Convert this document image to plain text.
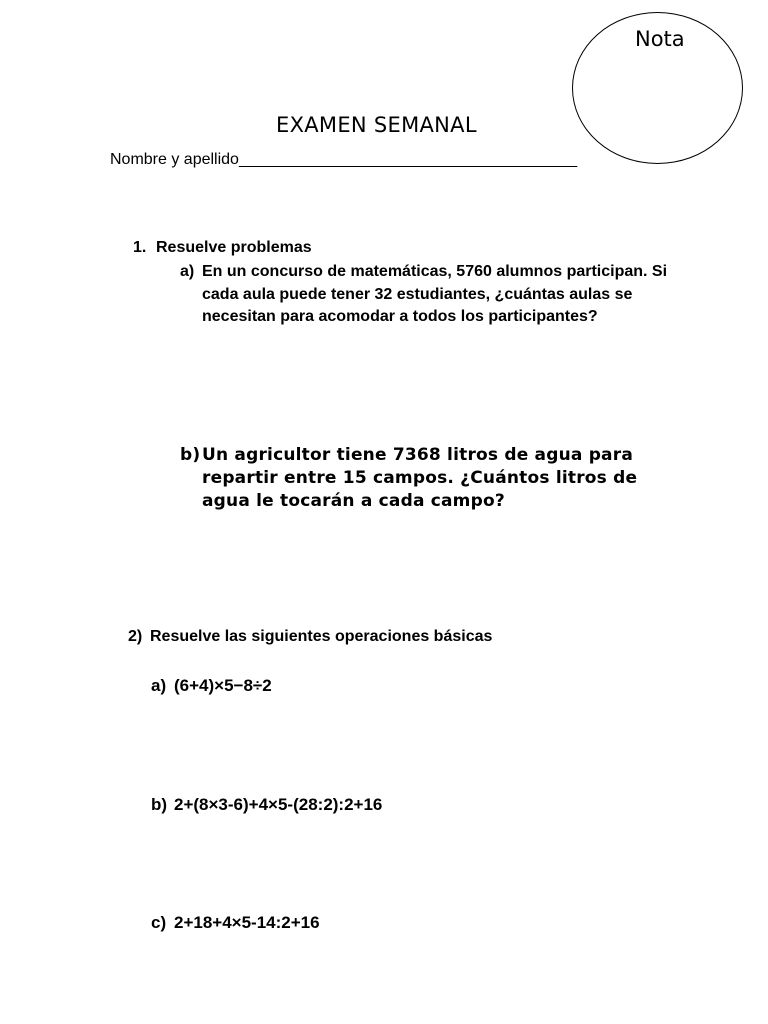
Nota
EXAMEN SEMANAL
Nombre y apellido______________________________________
1. Resuelve problemas
a) En un concurso de matemáticas, 5760 alumnos participan. Si
cada aula puede tener 32 estudiantes, ¿cuántas aulas se
necesitan para acomodar a todos los participantes?
b) Un agricultor tiene 7368 litros de agua para
repartir entre 15 campos. ¿Cuántos litros de
agua le tocarán a cada campo?
2) Resuelve las siguientes operaciones básicas
a) (6+4)×5−8÷2
b) 2+(8×3-6)+4×5-(28:2):2+16
c) 2+18+4×5-14:2+16
